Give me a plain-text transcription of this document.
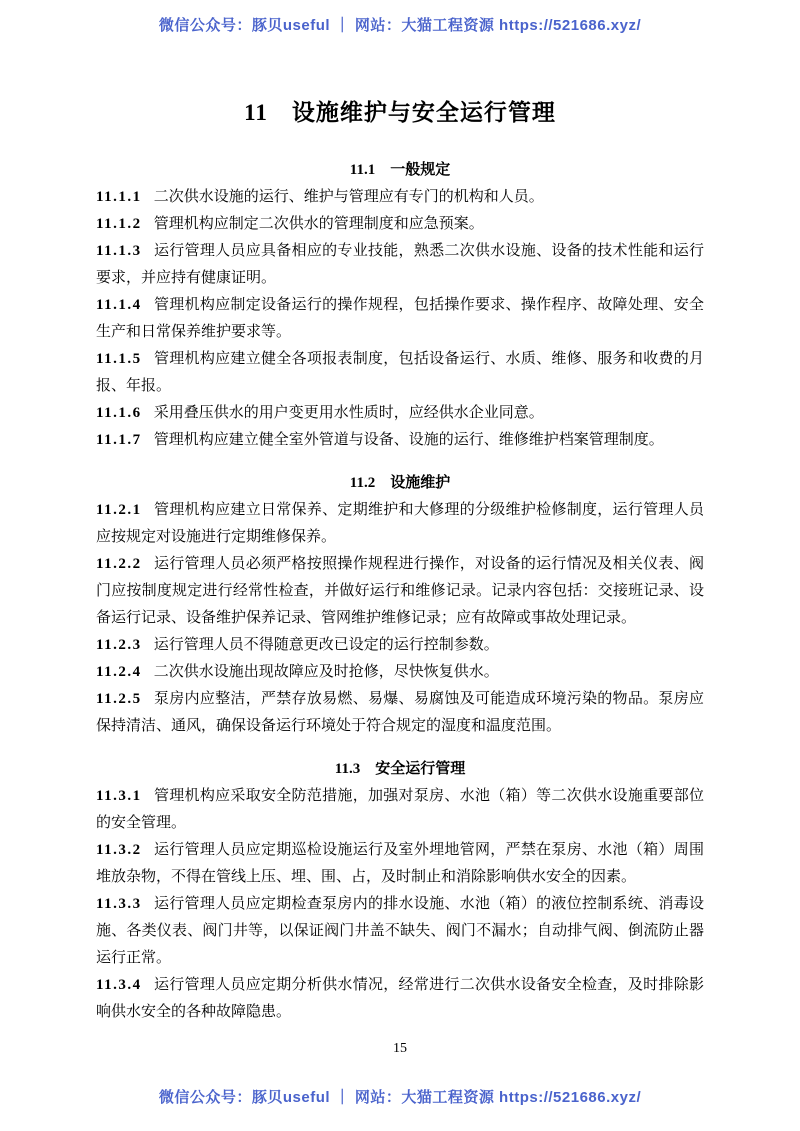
微信公众号：豚贝useful ｜ 网站：大猫工程资源 https://521686.xyz/
11　设施维护与安全运行管理
11.1　一般规定

11.1.1 二次供水设施的运行、维护与管理应有专门的机构和人员。

11.1.2 管理机构应制定二次供水的管理制度和应急预案。

11.1.3 运行管理人员应具备相应的专业技能，熟悉二次供水设施、设备的技术性能和运行要求，并应持有健康证明。

11.1.4 管理机构应制定设备运行的操作规程，包括操作要求、操作程序、故障处理、安全生产和日常保养维护要求等。

11.1.5 管理机构应建立健全各项报表制度，包括设备运行、水质、维修、服务和收费的月报、年报。

11.1.6 采用叠压供水的用户变更用水性质时，应经供水企业同意。

11.1.7 管理机构应建立健全室外管道与设备、设施的运行、维修维护档案管理制度。

11.2　设施维护

11.2.1 管理机构应建立日常保养、定期维护和大修理的分级维护检修制度，运行管理人员应按规定对设施进行定期维修保养。

11.2.2 运行管理人员必须严格按照操作规程进行操作，对设备的运行情况及相关仪表、阀门应按制度规定进行经常性检查，并做好运行和维修记录。记录内容包括：交接班记录、设备运行记录、设备维护保养记录、管网维护维修记录；应有故障或事故处理记录。

11.2.3 运行管理人员不得随意更改已设定的运行控制参数。

11.2.4 二次供水设施出现故障应及时抢修，尽快恢复供水。

11.2.5 泵房内应整洁，严禁存放易燃、易爆、易腐蚀及可能造成环境污染的物品。泵房应保持清洁、通风，确保设备运行环境处于符合规定的湿度和温度范围。

11.3　安全运行管理

11.3.1 管理机构应采取安全防范措施，加强对泵房、水池（箱）等二次供水设施重要部位的安全管理。

11.3.2 运行管理人员应定期巡检设施运行及室外埋地管网，严禁在泵房、水池（箱）周围堆放杂物，不得在管线上压、埋、围、占，及时制止和消除影响供水安全的因素。

11.3.3 运行管理人员应定期检查泵房内的排水设施、水池（箱）的液位控制系统、消毒设施、各类仪表、阀门井等，以保证阀门井盖不缺失、阀门不漏水；自动排气阀、倒流防止器运行正常。

11.3.4 运行管理人员应定期分析供水情况，经常进行二次供水设备安全检查，及时排除影响供水安全的各种故障隐患。

15
微信公众号：豚贝useful ｜ 网站：大猫工程资源 https://521686.xyz/
